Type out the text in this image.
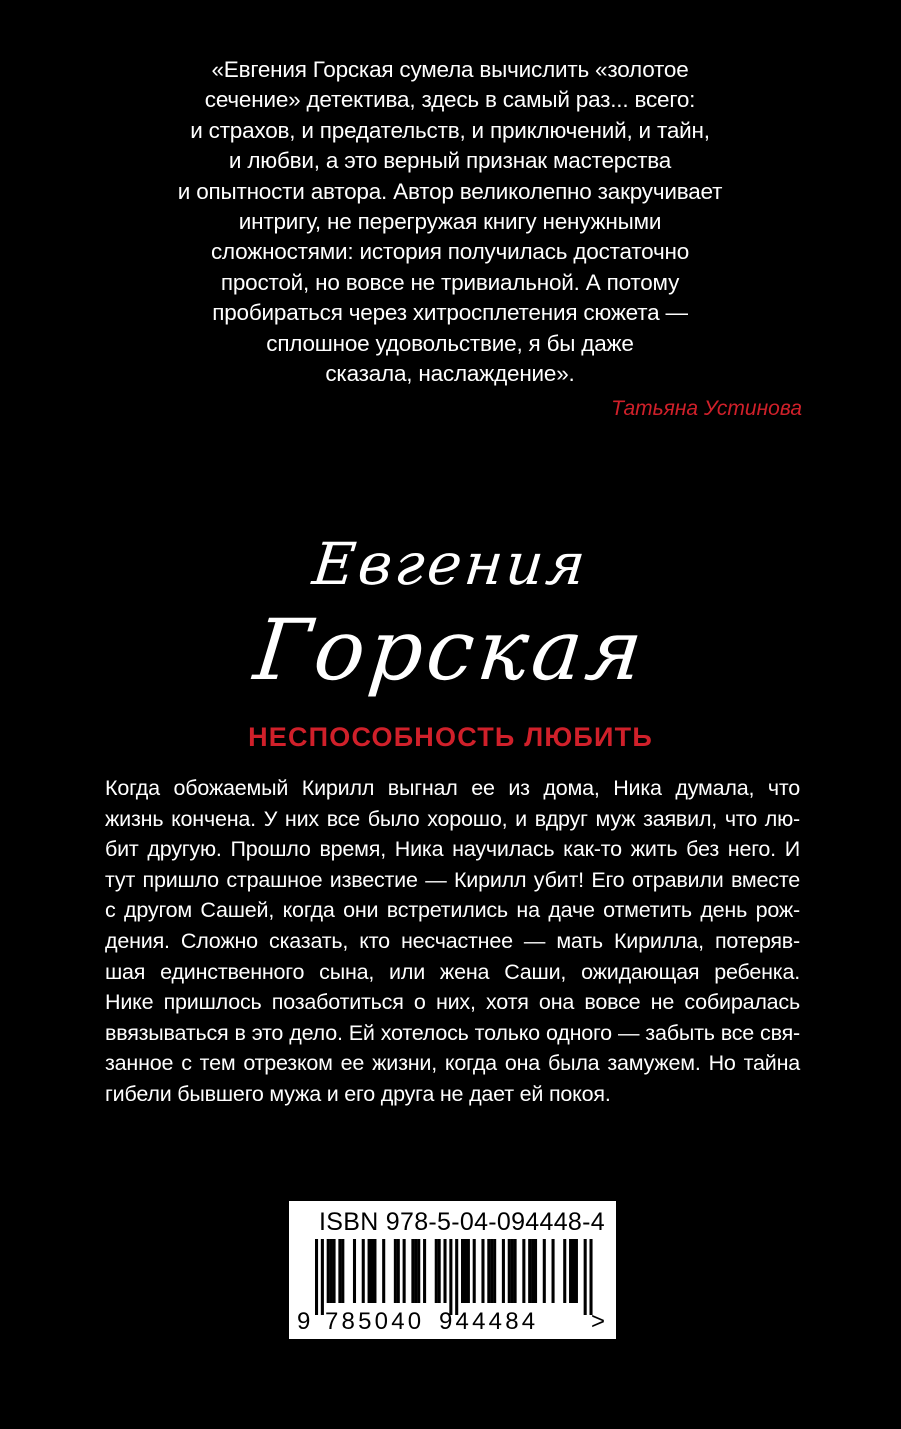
«Евгения Горская сумела вычислить «золотое
сечение» детектива, здесь в самый раз... всего:
и страхов, и предательств, и приключений, и тайн,
и любви, а это верный признак мастерства
и опытности автора. Автор великолепно закручивает
интригу, не перегружая книгу ненужными
сложностями: история получилась достаточно
простой, но вовсе не тривиальной. А потому
пробираться через хитросплетения сюжета —
сплошное удовольствие, я бы даже
сказала, наслаждение».

Татьяна Устинова

Евгения

Горская

НЕСПОСОБНОСТЬ ЛЮБИТЬ
Когда обожаемый Кирилл выгнал ее из дома, Ника думала, что
жизнь кончена. У них все было хорошо, и вдруг муж заявил, что лю-
бит другую. Прошло время, Ника научилась как-то жить без него. И
тут пришло страшное известие — Кирилл убит! Его отравили вместе
с другом Сашей, когда они встретились на даче отметить день рож-
дения. Сложно сказать, кто несчастнее — мать Кирилла, потеряв-
шая единственного сына, или жена Саши, ожидающая ребенка.
Нике пришлось позаботиться о них, хотя она вовсе не собиралась
ввязываться в это дело. Ей хотелось только одного — забыть все свя-
занное с тем отрезком ее жизни, когда она была замужем. Но тайна
гибели бывшего мужа и его друга не дает ей покоя.

ISBN 978-5-04-094448-4

9 785040 944484 >
